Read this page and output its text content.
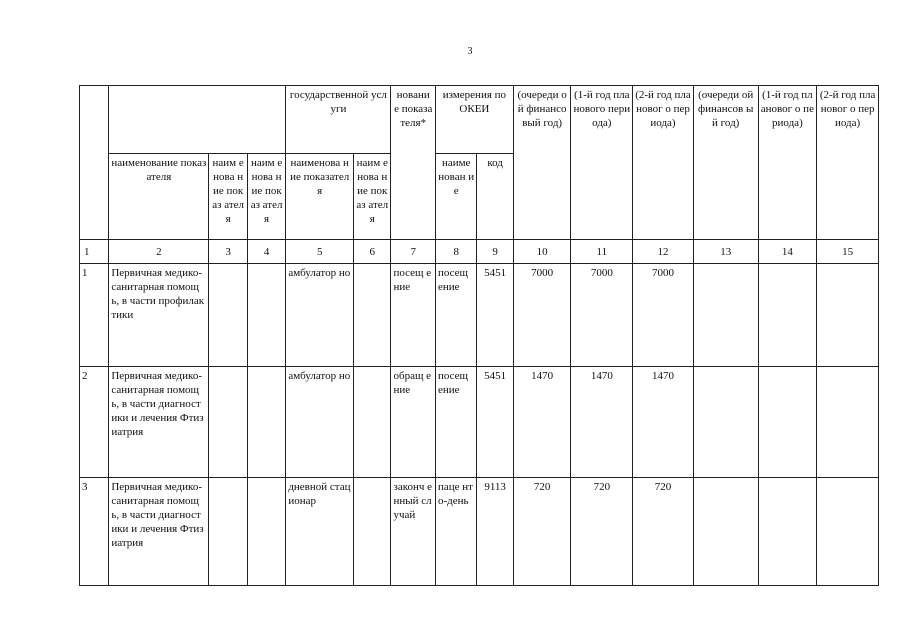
3
				государственной услуги		новани е показа теля*	измерения по ОКЕИ		(очереди ой финансо вый год)	(1-й год планового периода)	(2-й год плановог о периода)	(очереди ой финансов ый год)	(1-й год плановог о периода)	(2-й год плановог о периода)
	наименование показателя	наим енова ние показ ателя	наим енова ние показ ателя	наименова ние показателя	наим енова ние показ ателя		наиме нован ие	код						
1	2	3	4	5	6	7	8	9	10	11	12	13	14	15
1	Первичная медико-санитарная помощь, в части профилактики			амбулатор но		посещ ение	посещ ение	5451	7000	7000	7000			
2	Первичная медико-санитарная помощь, в части диагностики и лечения Фтизиатрия			амбулатор но		обращ ение	посещ ение	5451	1470	1470	1470			
3	Первичная медико-санитарная помощь, в части диагностики и лечения Фтизиатрия			дневной стационар		законч енный случай	паце нто-день	9113	720	720	720			
